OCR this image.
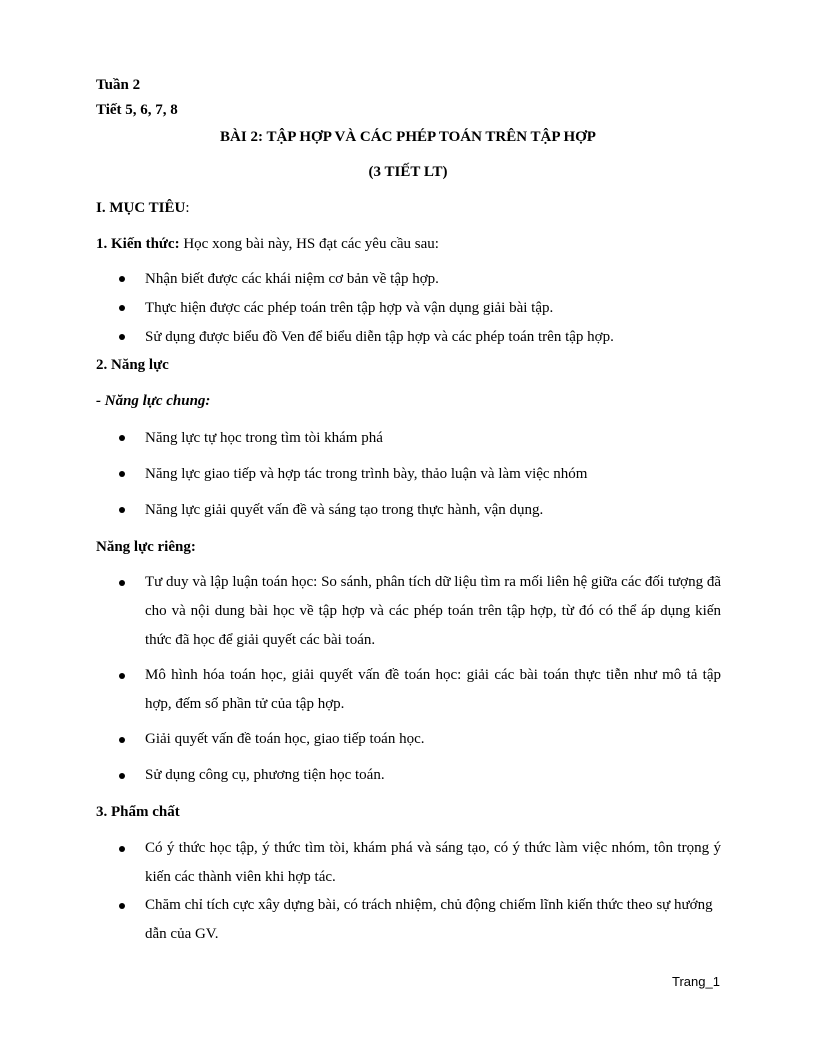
Tuần 2
Tiết 5, 6, 7, 8
BÀI 2: TẬP HỢP VÀ CÁC PHÉP TOÁN TRÊN TẬP HỢP
(3 TIẾT LT)
I. MỤC TIÊU:
1. Kiến thức: Học xong bài này, HS đạt các yêu cầu sau:
Nhận biết được các khái niệm cơ bản về tập hợp.
Thực hiện được các phép toán trên tập hợp và vận dụng giải bài tập.
Sử dụng được biểu đồ Ven để biểu diễn tập hợp và các phép toán trên tập hợp.
2. Năng lực
- Năng lực chung:
Năng lực tự học trong tìm tòi khám phá
Năng lực giao tiếp và hợp tác trong trình bày, thảo luận và làm việc nhóm
Năng lực giải quyết vấn đề và sáng tạo trong thực hành, vận dụng.
Năng lực riêng:
Tư duy và lập luận toán học: So sánh, phân tích dữ liệu tìm ra mối liên hệ giữa các đối tượng đã cho và nội dung bài học về tập hợp và các phép toán trên tập hợp, từ đó có thể áp dụng kiến thức đã học để giải quyết các bài toán.
Mô hình hóa toán học, giải quyết vấn đề toán học: giải các bài toán thực tiễn như mô tả tập hợp, đếm số phần tử của tập hợp.
Giải quyết vấn đề toán học, giao tiếp toán học.
Sử dụng công cụ, phương tiện học toán.
3. Phẩm chất
Có ý thức học tập, ý thức tìm tòi, khám phá và sáng tạo, có ý thức làm việc nhóm, tôn trọng ý kiến các thành viên khi hợp tác.
Chăm chỉ tích cực xây dựng bài, có trách nhiệm, chủ động chiếm lĩnh kiến thức theo sự hướng dẫn của GV.
Trang_1
